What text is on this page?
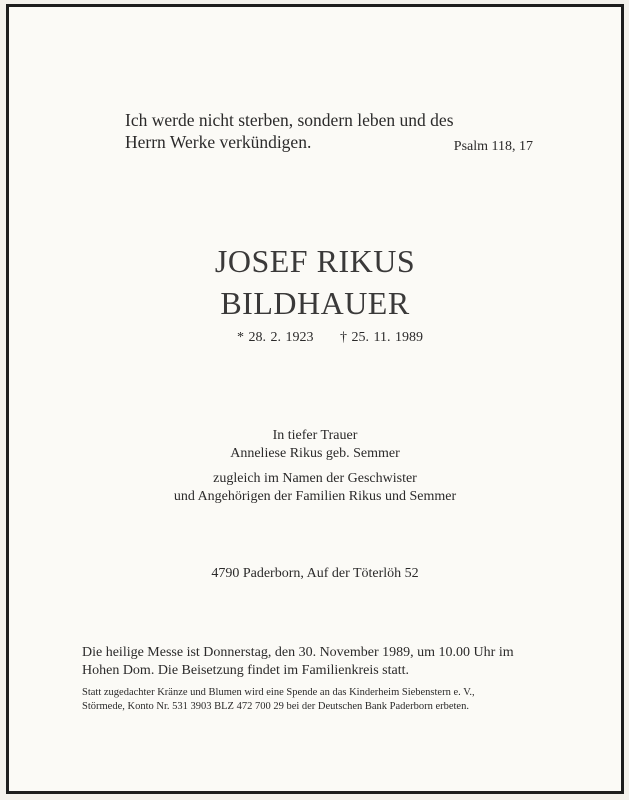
Ich werde nicht sterben, sondern leben und des
Herrn Werke verkündigen.	Psalm 118, 17
JOSEF RIKUS
BILDHAUER
* 28. 2. 1923 † 25. 11. 1989
In tiefer Trauer
Anneliese Rikus geb. Semmer
zugleich im Namen der Geschwister
und Angehörigen der Familien Rikus und Semmer
4790 Paderborn, Auf der Töterlöh 52
Die heilige Messe ist Donnerstag, den 30. November 1989, um 10.00 Uhr im
Hohen Dom. Die Beisetzung findet im Familienkreis statt.
Statt zugedachter Kränze und Blumen wird eine Spende an das Kinderheim Siebenstern e. V.,
Störmede, Konto Nr. 531 3903 BLZ 472 700 29 bei der Deutschen Bank Paderborn erbeten.
